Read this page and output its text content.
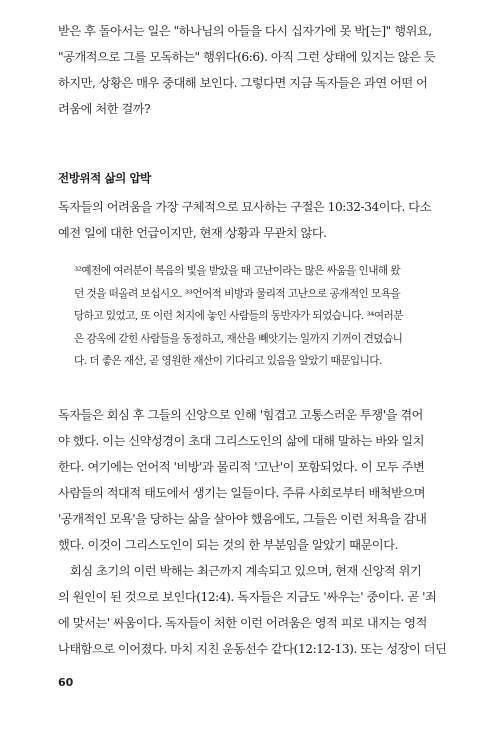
받은 후 돌아서는 일은 "하나님의 아들을 다시 십자가에 못 박[는]" 행위요,
"공개적으로 그를 모독하는" 행위다(6:6). 아직 그런 상태에 있지는 않은 듯
하지만, 상황은 매우 중대해 보인다. 그렇다면 지금 독자들은 과연 어떤 어
려움에 처한 걸까?
전방위적 삶의 압박
독자들의 어려움을 가장 구체적으로 묘사하는 구절은 10:32-34이다. 다소
예전 일에 대한 언급이지만, 현재 상황과 무관치 않다.
³²예전에 여러분이 복음의 빛을 받았을 때 고난이라는 많은 싸움을 인내해 왔
던 것을 떠올려 보십시오. ³³언어적 비방과 물리적 고난으로 공개적인 모욕을
당하고 있었고, 또 이런 처지에 놓인 사람들의 동반자가 되었습니다. ³⁴여러분
은 감옥에 갇힌 사람들을 동정하고, 재산을 빼앗기는 일까지 기꺼이 견뎠습니
다. 더 좋은 재산, 곧 영원한 재산이 기다리고 있음을 알았기 때문입니다.
독자들은 회심 후 그들의 신앙으로 인해 '힘겹고 고통스러운 투쟁'을 겪어
야 했다. 이는 신약성경이 초대 그리스도인의 삶에 대해 말하는 바와 일치
한다. 여기에는 언어적 '비방'과 물리적 '고난'이 포함되었다. 이 모두 주변
사람들의 적대적 태도에서 생기는 일들이다. 주류 사회로부터 배척받으며
'공개적인 모욕'을 당하는 삶을 살아야 했음에도, 그들은 이런 처욕을 감내
했다. 이것이 그리스도인이 되는 것의 한 부분임을 알았기 때문이다.
회심 초기의 이런 박해는 최근까지 계속되고 있으며, 현재 신앙적 위기
의 원인이 된 것으로 보인다(12:4). 독자들은 지금도 '싸우는' 중이다. 곧 '죄
에 맞서는' 싸움이다. 독자들이 처한 이런 어려움은 영적 피로 내지는 영적
나태함으로 이어졌다. 마치 지친 운동선수 같다(12:12-13). 또는 성장이 더딘
60
